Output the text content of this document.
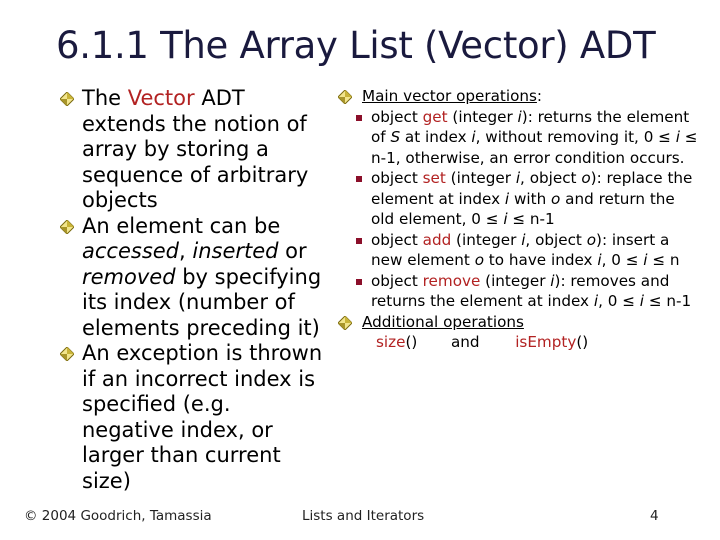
6.1.1 The Array List (Vector) ADT
The Vector ADT extends the notion of array by storing a sequence of arbitrary objects
An element can be accessed, inserted or removed by specifying its index (number of elements preceding it)
An exception is thrown if an incorrect index is specified (e.g. negative index, or larger than current size)
Main vector operations:
object get (integer i): returns the element of S at index i, without removing it, 0 ≤ i ≤ n-1, otherwise, an error condition occurs.
object set (integer i, object o): replace the element at index i with o and return the old element, 0 ≤ i ≤ n-1
object add (integer i, object o): insert a new element o to have index i, 0 ≤ i ≤ n
object remove (integer i): removes and returns the element at index i, 0 ≤ i ≤ n-1
Additional operations
size() and isEmpty()
© 2004 Goodrich, Tamassia	Lists and Iterators	4
